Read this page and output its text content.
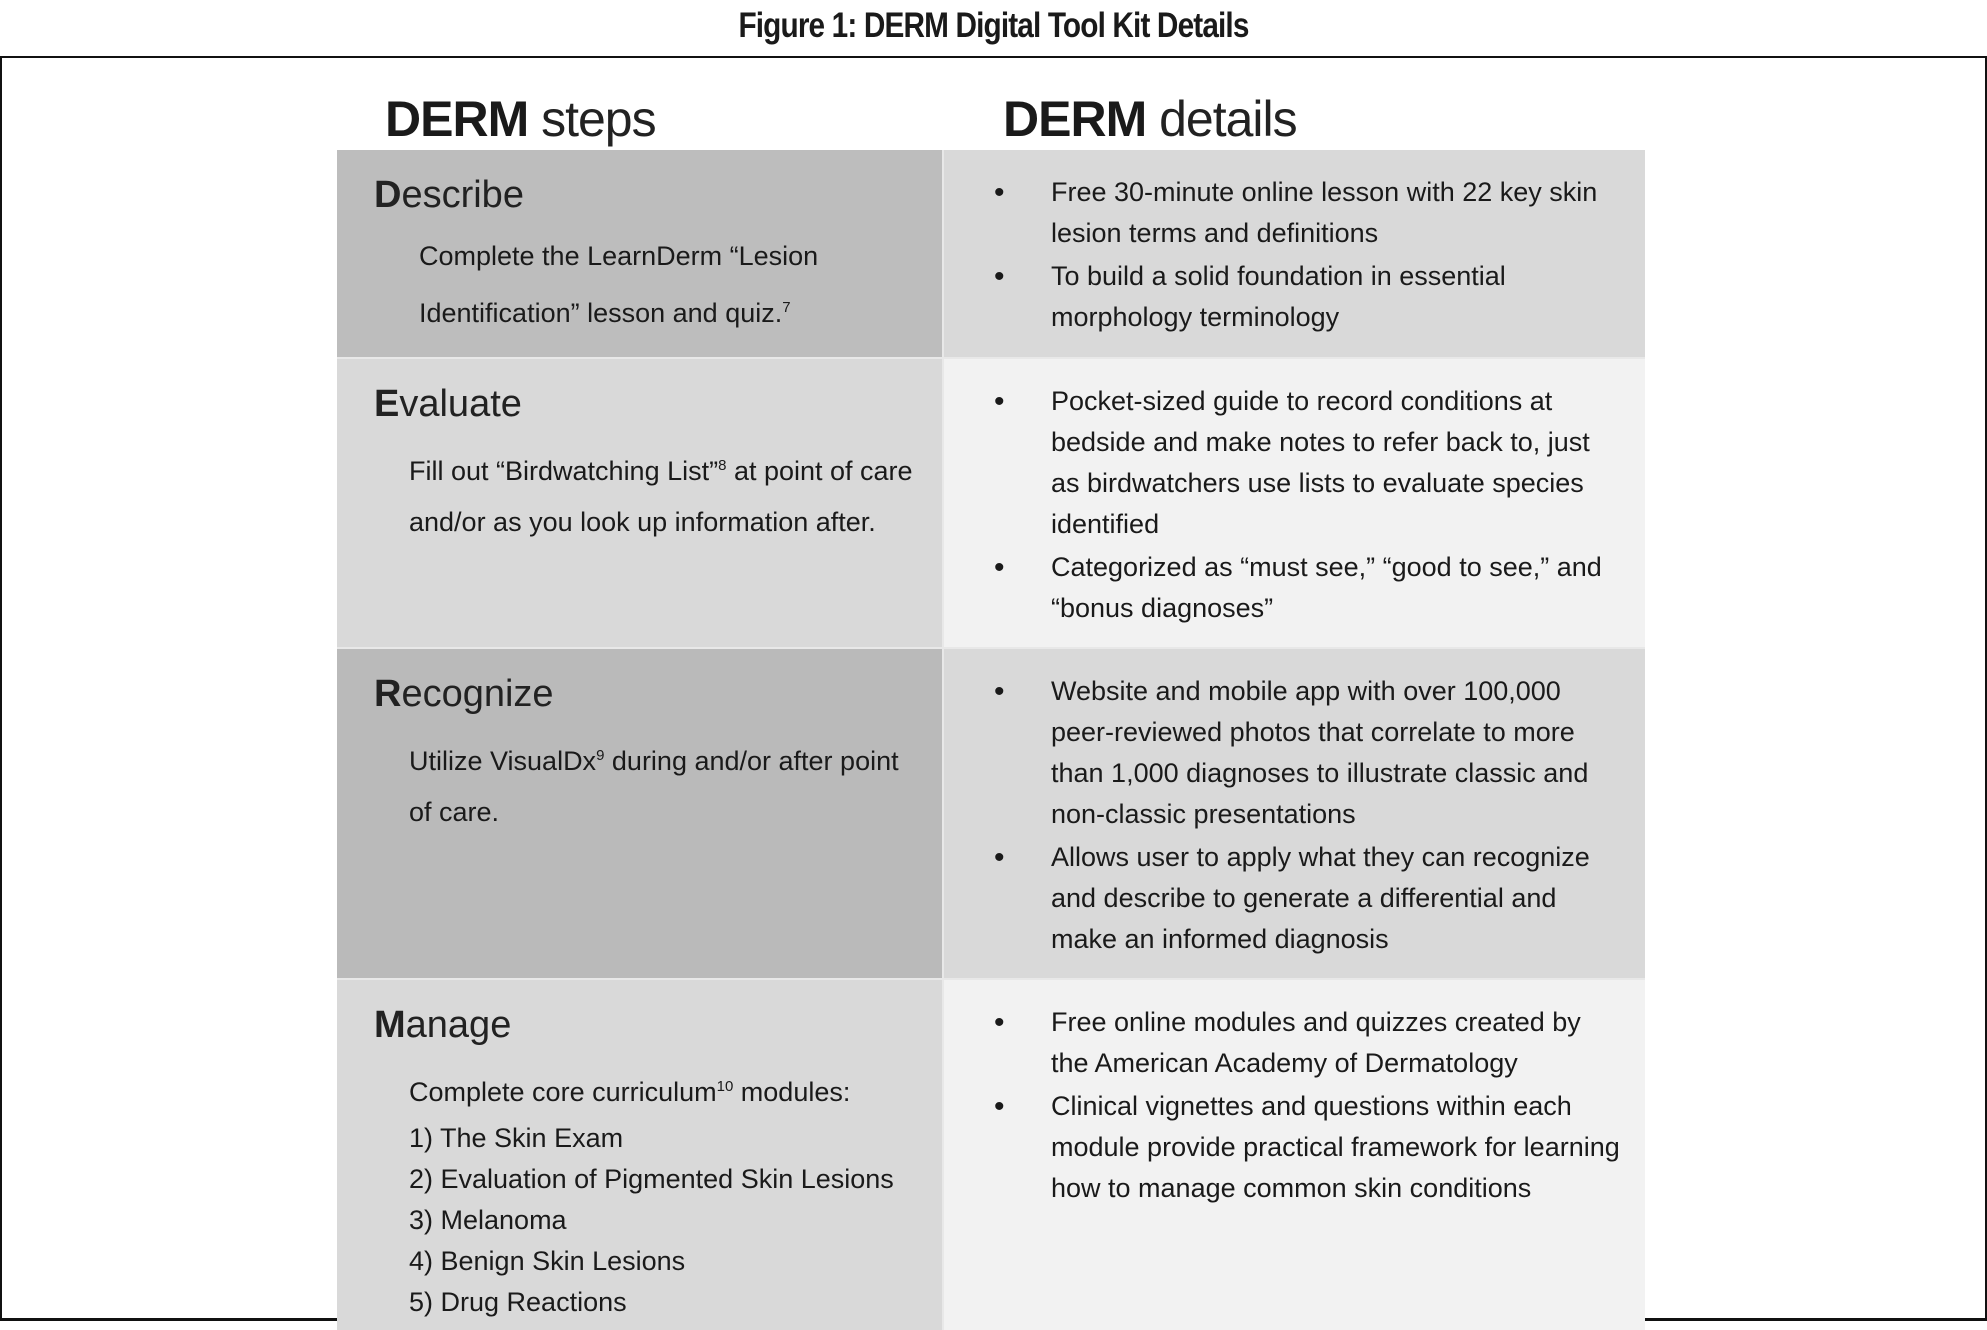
Figure 1: DERM Digital Tool Kit Details
DERM steps	DERM details
Describe
Complete the LearnDerm “Lesion Identification” lesson and quiz.$^7$
• Free 30-minute online lesson with 22 key skin lesion terms and definitions
• To build a solid foundation in essential morphology terminology
Evaluate
Fill out “Birdwatching List”$^8$ at point of care and/or as you look up information after.
• Pocket-sized guide to record conditions at bedside and make notes to refer back to, just as birdwatchers use lists to evaluate species identified
• Categorized as “must see,” “good to see,” and “bonus diagnoses”
Recognize
Utilize VisualDx$^9$ during and/or after point of care.
• Website and mobile app with over 100,000 peer-reviewed photos that correlate to more than 1,000 diagnoses to illustrate classic and non-classic presentations
• Allows user to apply what they can recognize and describe to generate a differential and make an informed diagnosis
Manage
Complete core curriculum$^{10}$ modules:
1) The Skin Exam
2) Evaluation of Pigmented Skin Lesions
3) Melanoma
4) Benign Skin Lesions
5) Drug Reactions
• Free online modules and quizzes created by the American Academy of Dermatology
• Clinical vignettes and questions within each module provide practical framework for learning how to manage common skin conditions
